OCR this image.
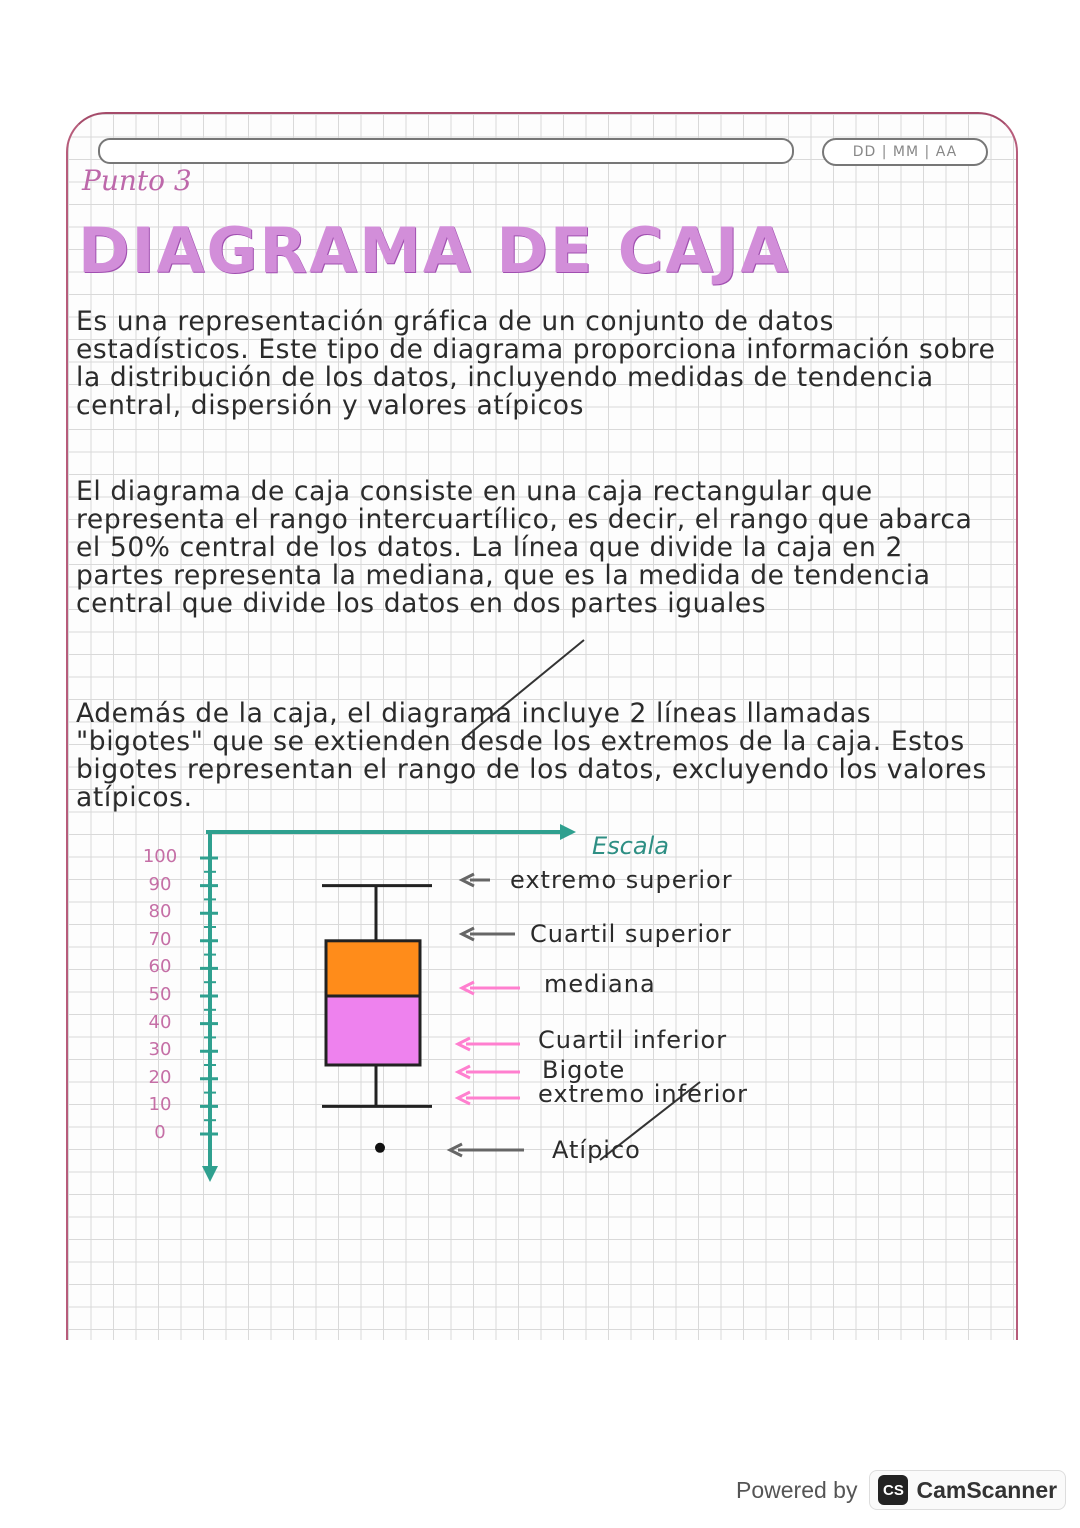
DD | MM | AA
Punto 3
DIAGRAMA DE CAJA

Es una representación gráfica de un conjunto de datos estadísticos. Este tipo de diagrama proporciona información sobre la distribución de los datos, incluyendo medidas de tendencia central, dispersión y valores atípicos

El diagrama de caja consiste en una caja rectangular que representa el rango intercuartílico, es decir, el rango que abarca el 50% central de los datos. La línea que divide la caja en 2 partes representa la mediana, que es la medida de tendencia central que divide los datos en dos partes iguales

Además de la caja, el diagrama incluye 2 líneas llamadas "bigotes" que se extienden desde los extremos de la caja. Estos bigotes representan el rango de los datos, excluyendo los valores atípicos.

Escala
100
90
80
70
60
50
40
30
20
10
0
extremo superior
Cuartil superior
mediana
Cuartil inferior
Bigote
extremo inferior
Atípico
Powered by	CS CamScanner
